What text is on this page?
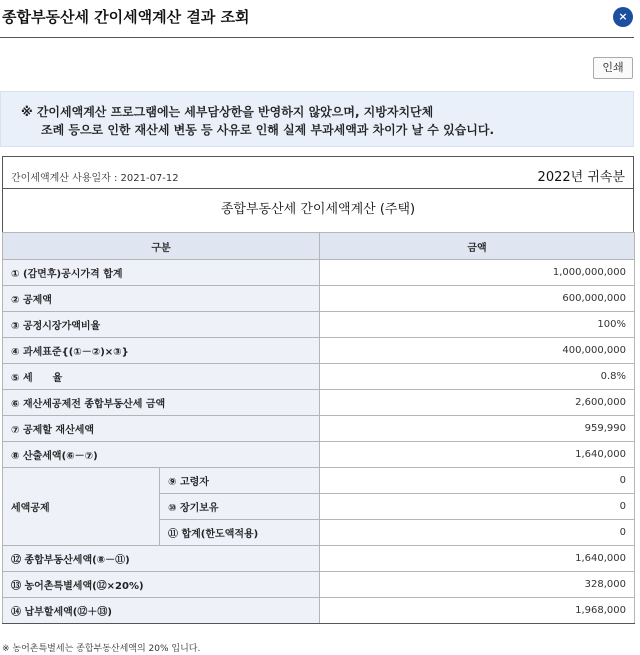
종합부동산세 간이세액계산 결과 조회	×
인쇄
※ 간이세액계산 프로그램에는 세부담상한을 반영하지 않았으며, 지방자치단체
조례 등으로 인한 재산세 변동 등 사유로 인해 실제 부과세액과 차이가 날 수 있습니다.
간이세액계산 사용일자 : 2021-07-12	2022년 귀속분
종합부동산세 간이세액계산 (주택)
구분		금액
① (감면후)공시가격 합계		1,000,000,000
② 공제액		600,000,000
③ 공정시장가액비율		100%
④ 과세표준{(①－②)×③}		400,000,000
⑤ 세　　율		0.8%
⑥ 재산세공제전 종합부동산세 금액		2,600,000
⑦ 공제할 재산세액		959,990
⑧ 산출세액(⑥－⑦)		1,640,000
세액공제	⑨ 고령자	0
	⑩ 장기보유	0
	⑪ 합계(한도액적용)	0
⑫ 종합부동산세액(⑧－⑪)		1,640,000
⑬ 농어촌특별세액(⑫×20%)		328,000
⑭ 납부할세액(⑫＋⑬)		1,968,000
※ 농어촌특별세는 종합부동산세액의 20% 입니다.
